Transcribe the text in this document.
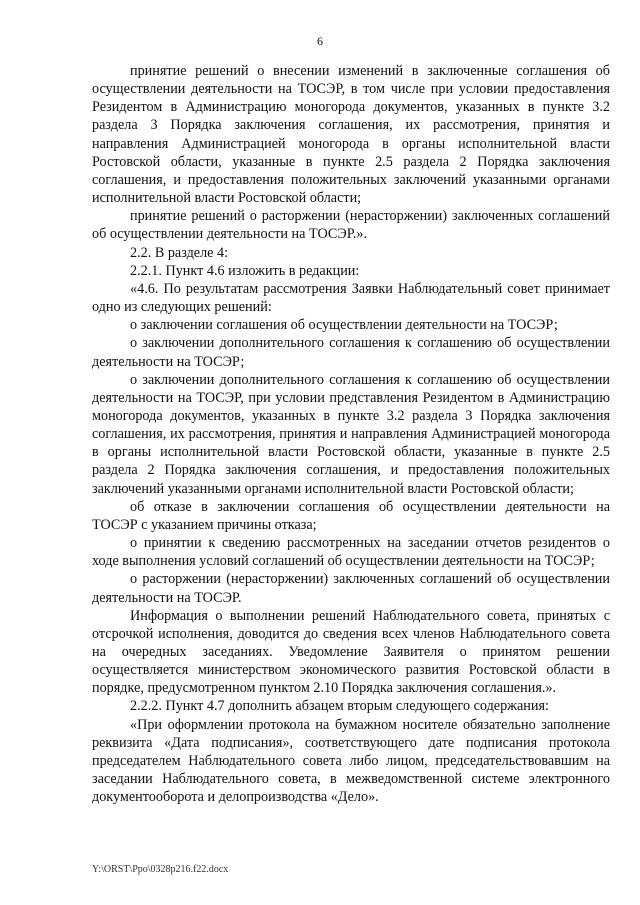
6

принятие решений о внесении изменений в заключенные соглашения об осуществлении деятельности на ТОСЭР, в том числе при условии предоставления Резидентом в Администрацию моногорода документов, указанных в пункте 3.2 раздела 3 Порядка заключения соглашения, их рассмотрения, принятия и направления Администрацией моногорода в органы исполнительной власти Ростовской области, указанные в пункте 2.5 раздела 2 Порядка заключения соглашения, и предоставления положительных заключений указанными органами исполнительной власти Ростовской области;

принятие решений о расторжении (нерасторжении) заключенных соглашений об осуществлении деятельности на ТОСЭР.».

2.2. В разделе 4:

2.2.1. Пункт 4.6 изложить в редакции:

«4.6. По результатам рассмотрения Заявки Наблюдательный совет принимает одно из следующих решений:

о заключении соглашения об осуществлении деятельности на ТОСЭР;

о заключении дополнительного соглашения к соглашению об осуществлении деятельности на ТОСЭР;

о заключении дополнительного соглашения к соглашению об осуществлении деятельности на ТОСЭР, при условии представления Резидентом в Администрацию моногорода документов, указанных в пункте 3.2 раздела 3 Порядка заключения соглашения, их рассмотрения, принятия и направления Администрацией моногорода в органы исполнительной власти Ростовской области, указанные в пункте 2.5 раздела 2 Порядка заключения соглашения, и предоставления положительных заключений указанными органами исполнительной власти Ростовской области;

об отказе в заключении соглашения об осуществлении деятельности на ТОСЭР с указанием причины отказа;

о принятии к сведению рассмотренных на заседании отчетов резидентов о ходе выполнения условий соглашений об осуществлении деятельности на ТОСЭР;

о расторжении (нерасторжении) заключенных соглашений об осуществлении деятельности на ТОСЭР.

Информация о выполнении решений Наблюдательного совета, принятых с отсрочкой исполнения, доводится до сведения всех членов Наблюдательного совета на очередных заседаниях. Уведомление Заявителя о принятом решении осуществляется министерством экономического развития Ростовской области в порядке, предусмотренном пунктом 2.10 Порядка заключения соглашения.».

2.2.2. Пункт 4.7 дополнить абзацем вторым следующего содержания:

«При оформлении протокола на бумажном носителе обязательно заполнение реквизита «Дата подписания», соответствующего дате подписания протокола председателем Наблюдательного совета либо лицом, председательствовавшим на заседании Наблюдательного совета, в межведомственной системе электронного документооборота и делопроизводства «Дело».

Y:\ORST\Ppo\0328p216.f22.docx
